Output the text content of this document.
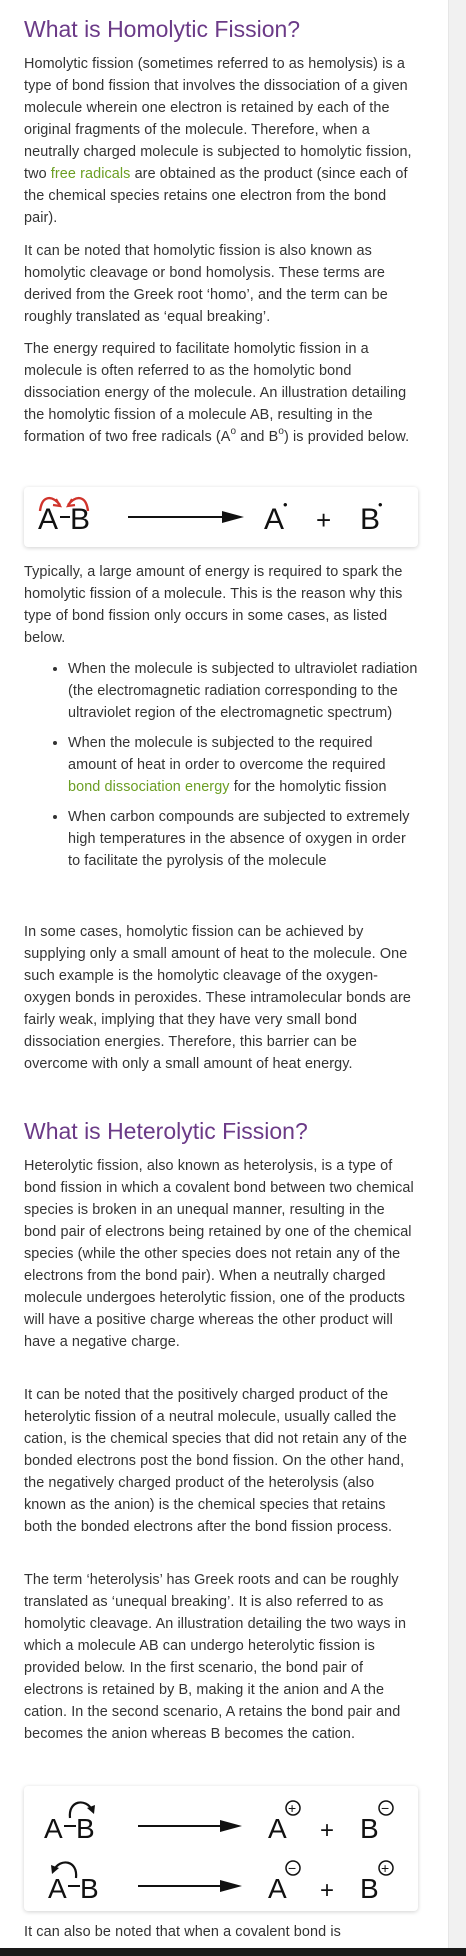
What is Homolytic Fission?

Homolytic fission (sometimes referred to as hemolysis) is a type of bond fission that involves the dissociation of a given molecule wherein one electron is retained by each of the original fragments of the molecule. Therefore, when a neutrally charged molecule is subjected to homolytic fission, two free radicals are obtained as the product (since each of the chemical species retains one electron from the bond pair).

It can be noted that homolytic fission is also known as homolytic cleavage or bond homolysis. These terms are derived from the Greek root ‘homo’, and the term can be roughly translated as ‘equal breaking’.

The energy required to facilitate homolytic fission in a molecule is often referred to as the homolytic bond dissociation energy of the molecule. An illustration detailing the homolytic fission of a molecule AB, resulting in the formation of two free radicals ($A^o$ and $B^o$) is provided below.

A B	A
•
+ B
•

Typically, a large amount of energy is required to spark the homolytic fission of a molecule. This is the reason why this type of bond fission only occurs in some cases, as listed below.

• When the molecule is subjected to ultraviolet radiation (the electromagnetic radiation corresponding to the ultraviolet region of the electromagnetic spectrum)
• When the molecule is subjected to the required amount of heat in order to overcome the required bond dissociation energy for the homolytic fission
• When carbon compounds are subjected to extremely high temperatures in the absence of oxygen in order to facilitate the pyrolysis of the molecule

In some cases, homolytic fission can be achieved by supplying only a small amount of heat to the molecule. One such example is the homolytic cleavage of the oxygen-oxygen bonds in peroxides. These intramolecular bonds are fairly weak, implying that they have very small bond dissociation energies. Therefore, this barrier can be overcome with only a small amount of heat energy.

What is Heterolytic Fission?

Heterolytic fission, also known as heterolysis, is a type of bond fission in which a covalent bond between two chemical species is broken in an unequal manner, resulting in the bond pair of electrons being retained by one of the chemical species (while the other species does not retain any of the electrons from the bond pair). When a neutrally charged molecule undergoes heterolytic fission, one of the products will have a positive charge whereas the other product will have a negative charge.

It can be noted that the positively charged product of the heterolytic fission of a neutral molecule, usually called the cation, is the chemical species that did not retain any of the bonded electrons post the bond fission. On the other hand, the negatively charged product of the heterolysis (also known as the anion) is the chemical species that retains both the bonded electrons after the bond fission process.

The term ‘heterolysis’ has Greek roots and can be roughly translated as ‘unequal breaking’. It is also referred to as homolytic cleavage. An illustration detailing the two ways in which a molecule AB can undergo heterolytic fission is provided below. In the first scenario, the bond pair of electrons is retained by B, making it the anion and A the cation. In the second scenario, A retains the bond pair and becomes the anion whereas B becomes the cation.

A B	A
+
+ B
−
A B	A
−
+ B
+

It can also be noted that when a covalent bond is
